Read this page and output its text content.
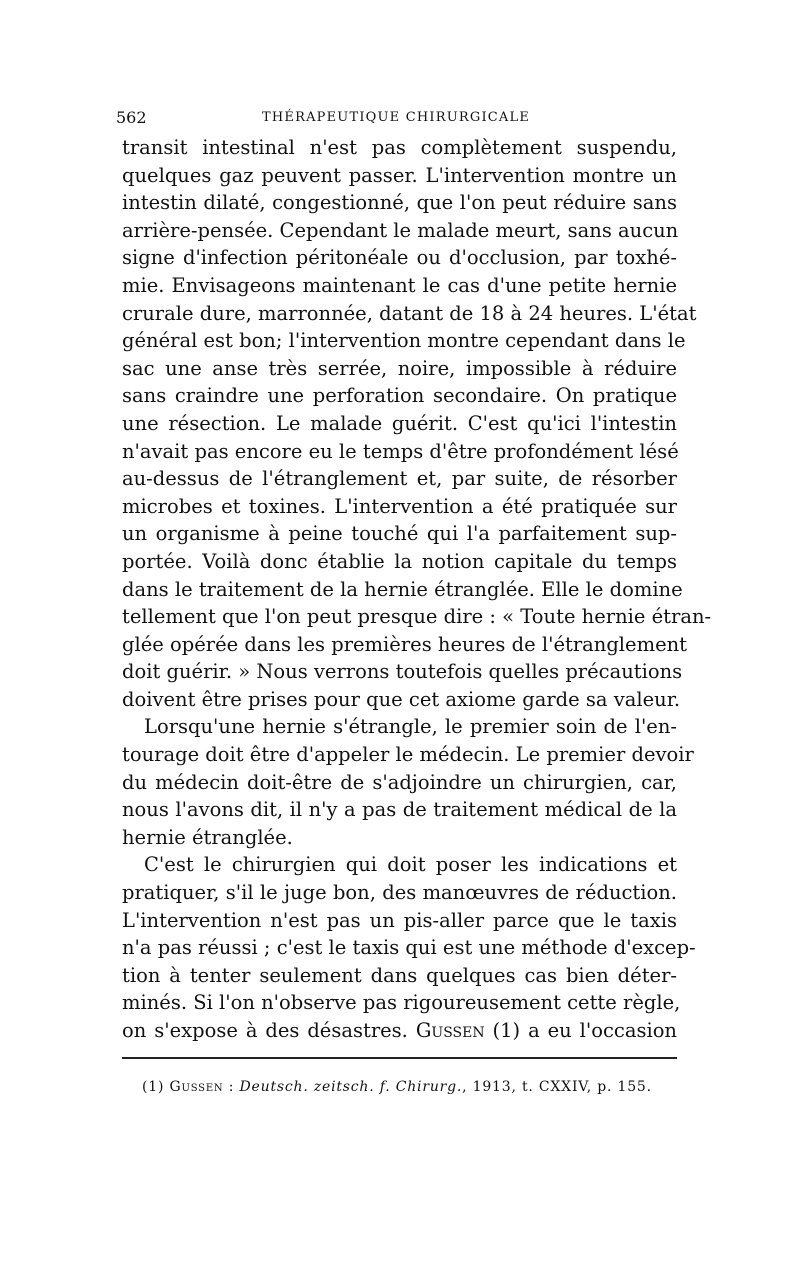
562	THÉRAPEUTIQUE CHIRURGICALE
transit intestinal n'est pas complètement suspendu,
quelques gaz peuvent passer. L'intervention montre un
intestin dilaté, congestionné, que l'on peut réduire sans
arrière-pensée. Cependant le malade meurt, sans aucun
signe d'infection péritonéale ou d'occlusion, par toxhé-
mie. Envisageons maintenant le cas d'une petite hernie
crurale dure, marronnée, datant de 18 à 24 heures. L'état
général est bon; l'intervention montre cependant dans le
sac une anse très serrée, noire, impossible à réduire
sans craindre une perforation secondaire. On pratique
une résection. Le malade guérit. C'est qu'ici l'intestin
n'avait pas encore eu le temps d'être profondément lésé
au-dessus de l'étranglement et, par suite, de résorber
microbes et toxines. L'intervention a été pratiquée sur
un organisme à peine touché qui l'a parfaitement sup-
portée. Voilà donc établie la notion capitale du temps
dans le traitement de la hernie étranglée. Elle le domine
tellement que l'on peut presque dire : « Toute hernie étran-
glée opérée dans les premières heures de l'étranglement
doit guérir. » Nous verrons toutefois quelles précautions
doivent être prises pour que cet axiome garde sa valeur.
Lorsqu'une hernie s'étrangle, le premier soin de l'en-
tourage doit être d'appeler le médecin. Le premier devoir
du médecin doit-être de s'adjoindre un chirurgien, car,
nous l'avons dit, il n'y a pas de traitement médical de la
hernie étranglée.
C'est le chirurgien qui doit poser les indications et
pratiquer, s'il le juge bon, des manœuvres de réduction.
L'intervention n'est pas un pis-aller parce que le taxis
n'a pas réussi ; c'est le taxis qui est une méthode d'excep-
tion à tenter seulement dans quelques cas bien déter-
minés. Si l'on n'observe pas rigoureusement cette règle,
on s'expose à des désastres. Gussen (1) a eu l'occasion
(1) Gussen : Deutsch. zeitsch. f. Chirurg., 1913, t. CXXIV, p. 155.
